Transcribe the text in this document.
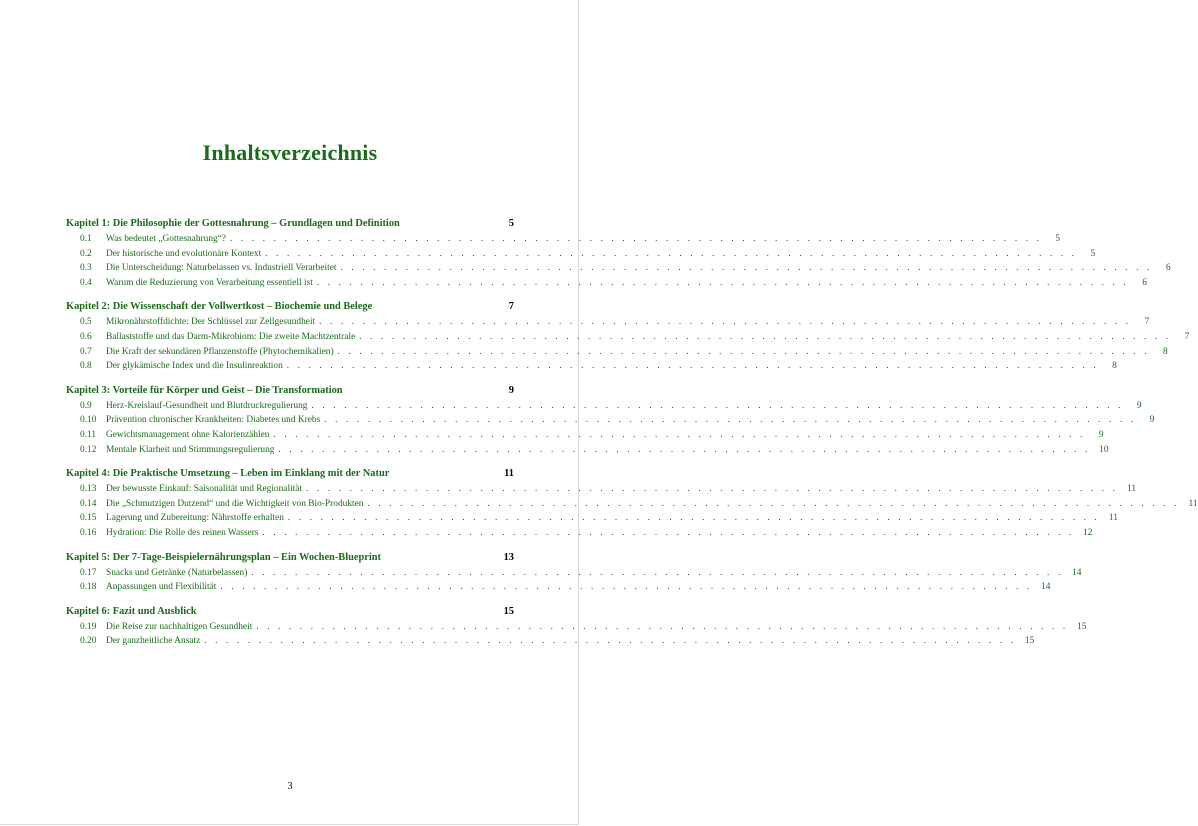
Inhaltsverzeichnis
Kapitel 1: Die Philosophie der Gottesnahrung – Grundlagen und Definition	5
0.1	Was bedeutet „Gottesnahrung“? . . .	5
0.2	Der historische und evolutionäre Kontext . . .	5
0.3	Die Unterscheidung: Naturbelassen vs. Industriell Verarbeitet . . .	6
0.4	Warum die Reduzierung von Verarbeitung essentiell ist . . .	6
Kapitel 2: Die Wissenschaft der Vollwertkost – Biochemie und Belege	7
0.5	Mikronährstoffdichte: Der Schlüssel zur Zellgesundheit . . .	7
0.6	Ballaststoffe und das Darm-Mikrobiom: Die zweite Machtzentrale . . .	7
0.7	Die Kraft der sekundären Pflanzenstoffe (Phytochemikalien) . . .	8
0.8	Der glykämische Index und die Insulinreaktion . . .	8
Kapitel 3: Vorteile für Körper und Geist – Die Transformation	9
0.9	Herz-Kreislauf-Gesundheit und Blutdruckregulierung . . .	9
0.10	Prävention chronischer Krankheiten: Diabetes und Krebs . . .	9
0.11	Gewichtsmanagement ohne Kalorienzählen . . .	9
0.12	Mentale Klarheit und Stimmungsregulierung . . .	10
Kapitel 4: Die Praktische Umsetzung – Leben im Einklang mit der Natur	11
0.13	Der bewusste Einkauf: Saisonalität und Regionalität . . .	11
0.14	Die „Schmutzigen Dutzend“ und die Wichtigkeit von Bio-Produkten . . .	11
0.15	Lagerung und Zubereitung: Nährstoffe erhalten . . .	11
0.16	Hydration: Die Rolle des reinen Wassers . . .	12
Kapitel 5: Der 7-Tage-Beispielernährungsplan – Ein Wochen-Blueprint	13
0.17	Snacks und Getränke (Naturbelassen) . . .	14
0.18	Anpassungen und Flexibilität . . .	14
Kapitel 6: Fazit und Ausblick	15
0.19	Die Reise zur nachhaltigen Gesundheit . . .	15
0.20	Der ganzheitliche Ansatz . . .	15
3
